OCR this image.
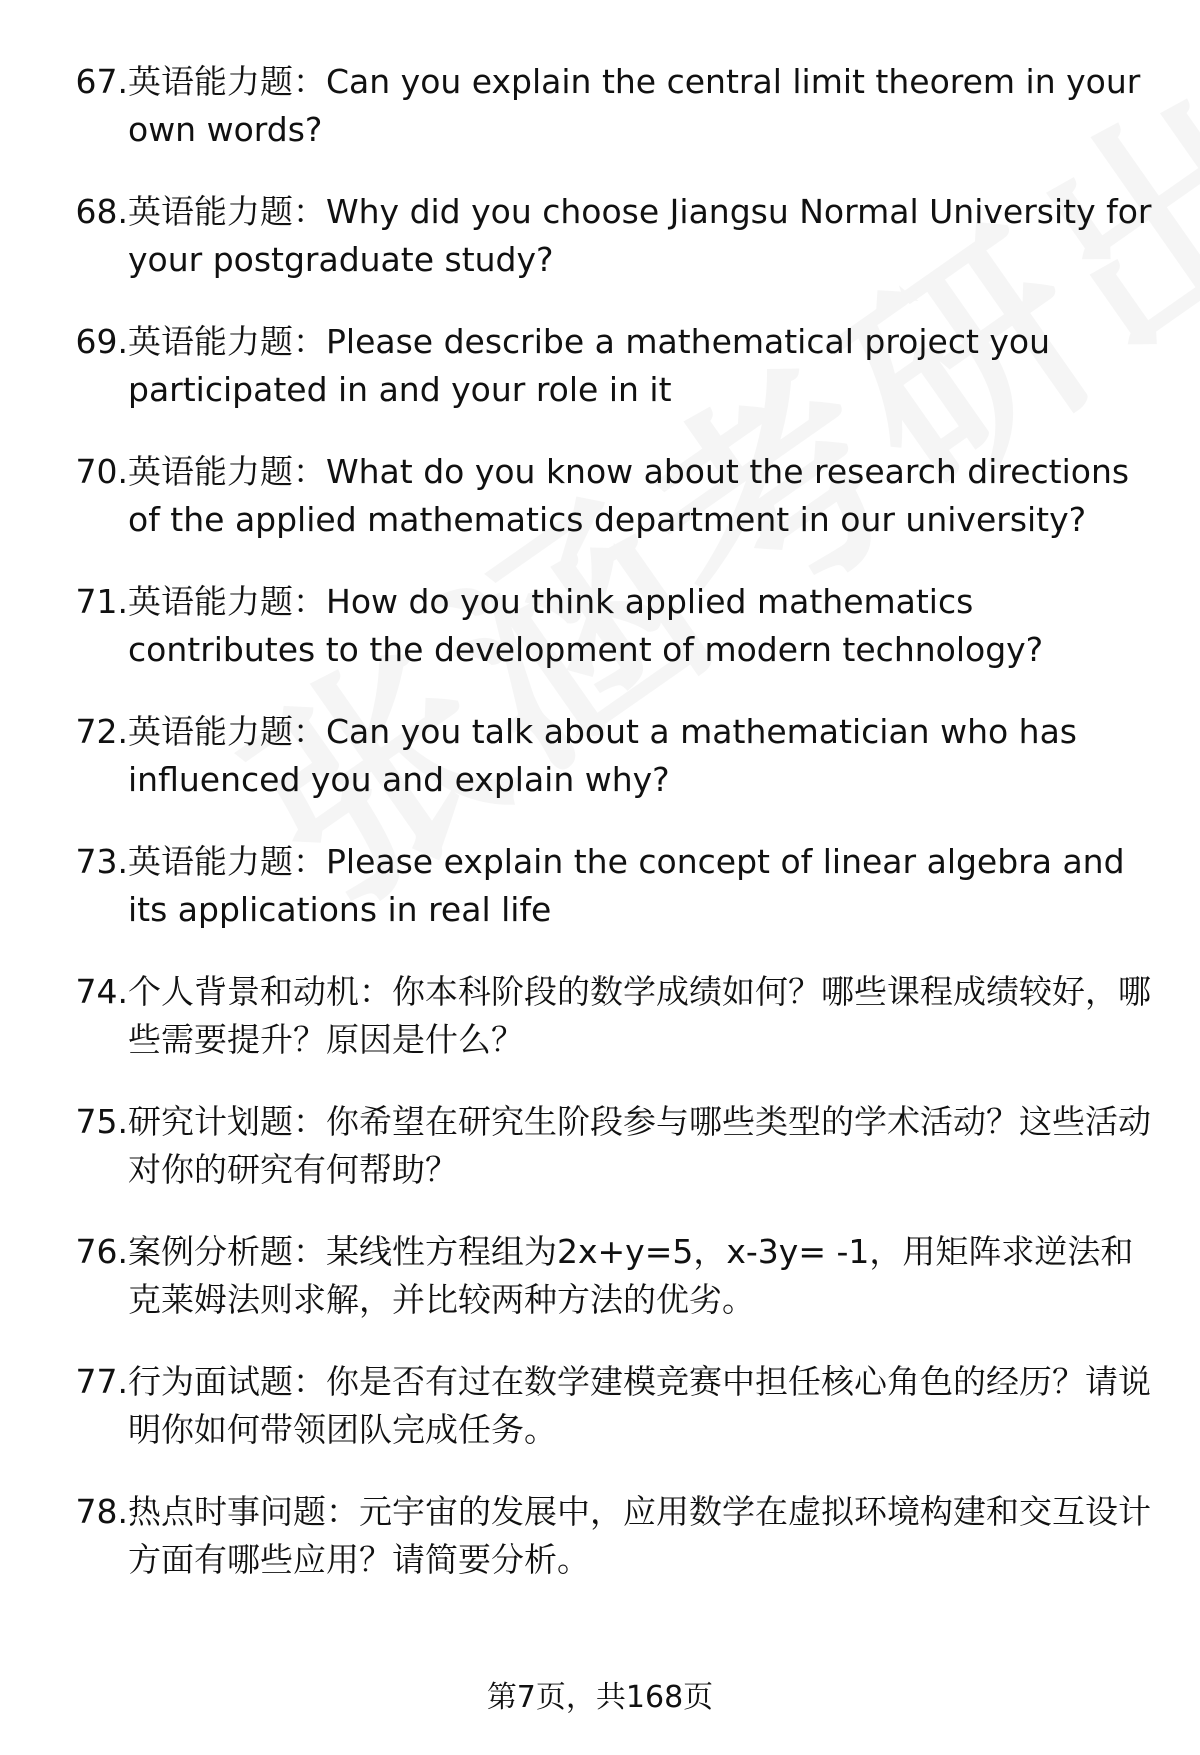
67. 英语能力题：Can you explain the central limit theorem in your own words?
68. 英语能力题：Why did you choose Jiangsu Normal University for your postgraduate study?
69. 英语能力题：Please describe a mathematical project you participated in and your role in it
70. 英语能力题：What do you know about the research directions of the applied mathematics department in our university?
71. 英语能力题：How do you think applied mathematics contributes to the development of modern technology?
72. 英语能力题：Can you talk about a mathematician who has influenced you and explain why?
73. 英语能力题：Please explain the concept of linear algebra and its applications in real life
74. 个人背景和动机：你本科阶段的数学成绩如何？哪些课程成绩较好，哪些需要提升？原因是什么？
75. 研究计划题：你希望在研究生阶段参与哪些类型的学术活动？这些活动对你的研究有何帮助？
76. 案例分析题：某线性方程组为2x+y=5，x-3y= -1，用矩阵求逆法和克莱姆法则求解，并比较两种方法的优劣。
77. 行为面试题：你是否有过在数学建模竞赛中担任核心角色的经历？请说明你如何带领团队完成任务。
78. 热点时事问题：元宇宙的发展中，应用数学在虚拟环境构建和交互设计方面有哪些应用？请简要分析。
第7页，共168页
